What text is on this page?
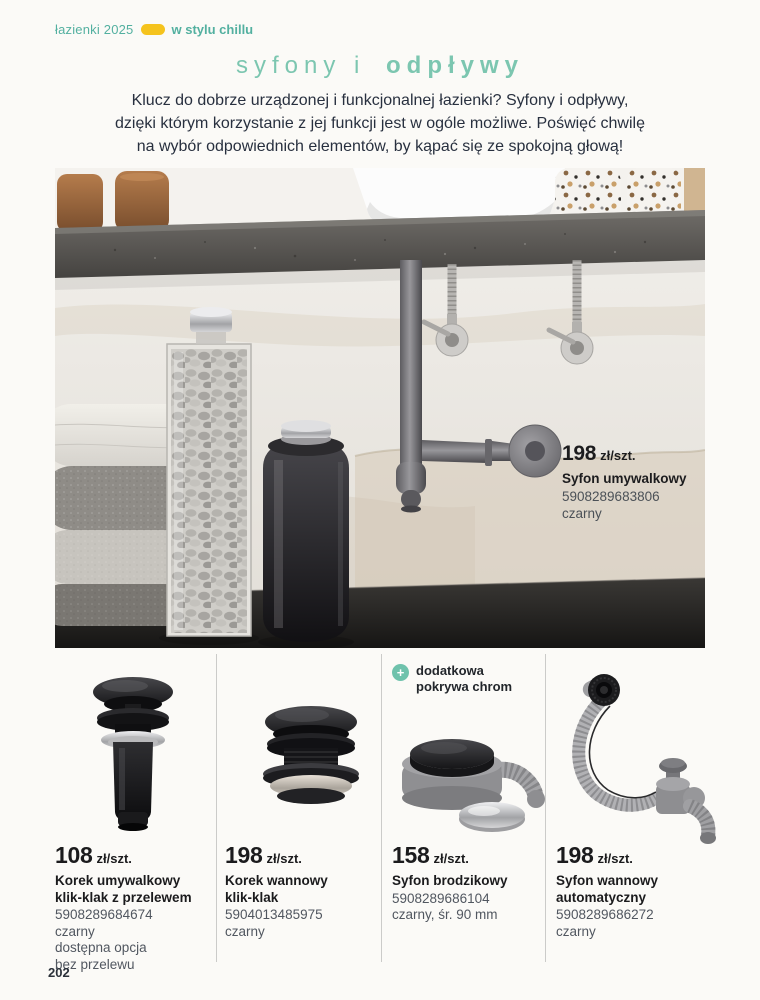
łazienki 2025	w stylu chillu
syfony i odpływy
Klucz do dobrze urządzonej i funkcjonalnej łazienki? Syfony i odpływy,
dzięki którym korzystanie z jej funkcji jest w ogóle możliwe. Poświęć chwilę
na wybór odpowiednich elementów, by kąpać się ze spokojną głową!
198 zł/szt.
Syfon umywalkowy
5908289683806
czarny
+ dodatkowa
pokrywa chrom
108 zł/szt.
Korek umywalkowy
klik-klak z przelewem
5908289684674
czarny
dostępna opcja
bez przelewu
198 zł/szt.
Korek wannowy
klik-klak
5904013485975
czarny
158 zł/szt.
Syfon brodzikowy
5908289686104
czarny, śr. 90 mm
198 zł/szt.
Syfon wannowy
automatyczny
5908289686272
czarny
202
